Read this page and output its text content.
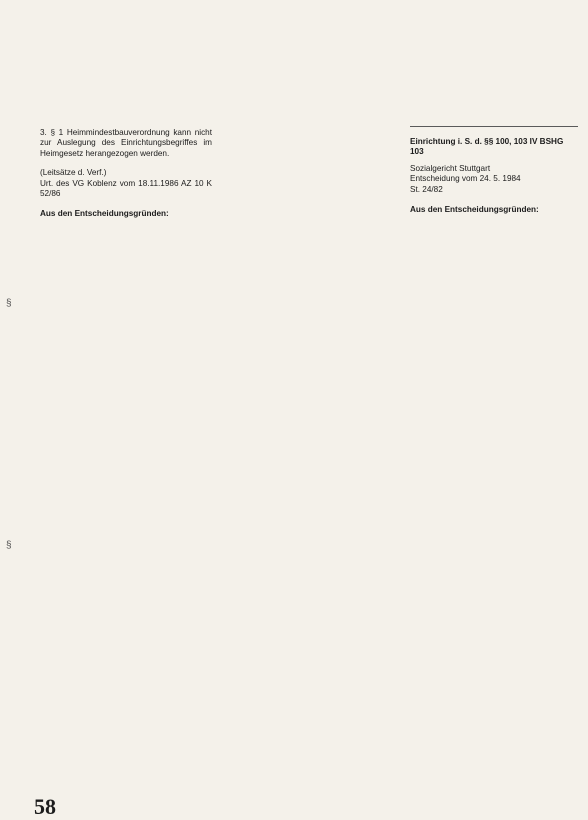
§
§

3. § 1 Heimmindestbauverordnung kann nicht zur Auslegung des Einrichtungsbegriffes im Heimgesetz herangezogen werden.

(Leitsätze d. Verf.)

Urt. des VG Koblenz vom 18.11.1986 AZ 10 K 52/86

Aus den Entscheidungsgründen:

Einrichtung i. S. d. §§ 100, 103 IV BSHG 103

Sozialgericht Stuttgart

Entscheidung vom 24. 5. 1984

St. 24/82

Aus den Entscheidungsgründen:

58
